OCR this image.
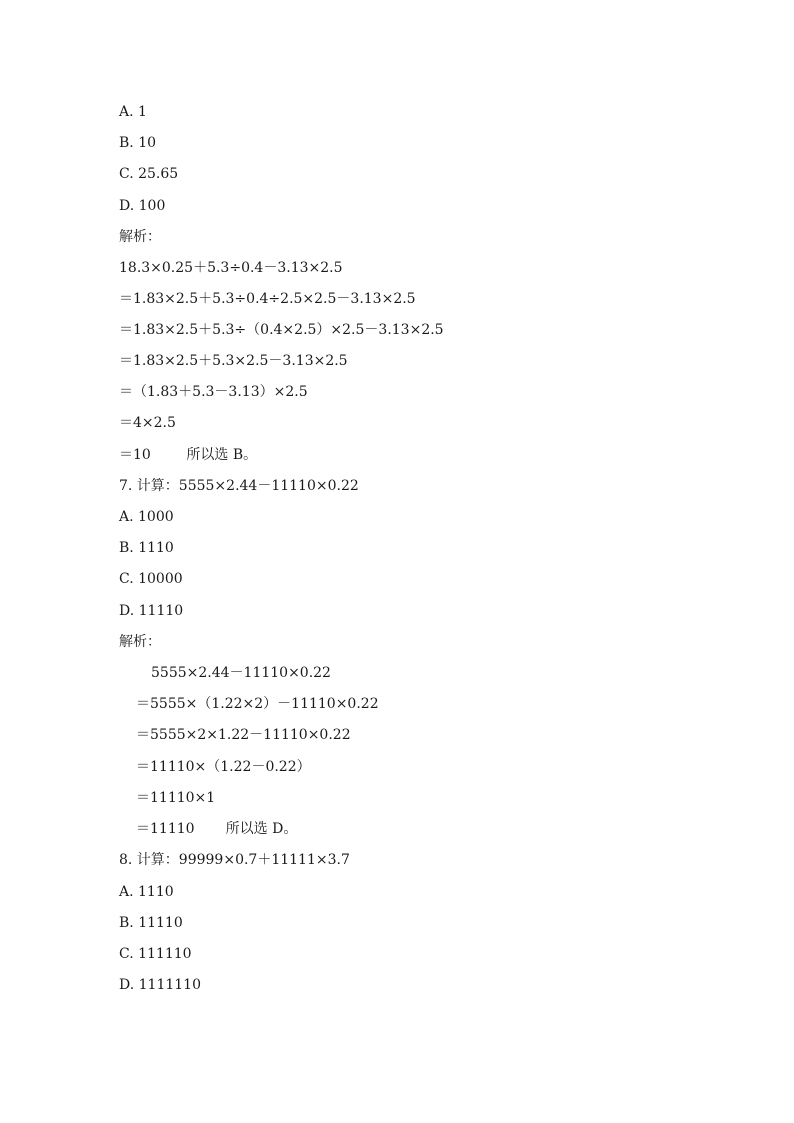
A. 1
B. 10
C. 25.65
D. 100
解析：
18.3×0.25＋5.3÷0.4－3.13×2.5
＝1.83×2.5＋5.3÷0.4÷2.5×2.5－3.13×2.5
＝1.83×2.5＋5.3÷（0.4×2.5）×2.5－3.13×2.5
＝1.83×2.5＋5.3×2.5－3.13×2.5
＝（1.83＋5.3－3.13）×2.5
＝4×2.5
＝10        所以选 B。
7. 计算：5555×2.44－11110×0.22
A. 1000
B. 1110
C. 10000
D. 11110
解析：
5555×2.44－11110×0.22
＝5555×（1.22×2）－11110×0.22
＝5555×2×1.22－11110×0.22
＝11110×（1.22－0.22）
＝11110×1
＝11110       所以选 D。
8. 计算：99999×0.7＋11111×3.7
A. 1110
B. 11110
C. 111110
D. 1111110
